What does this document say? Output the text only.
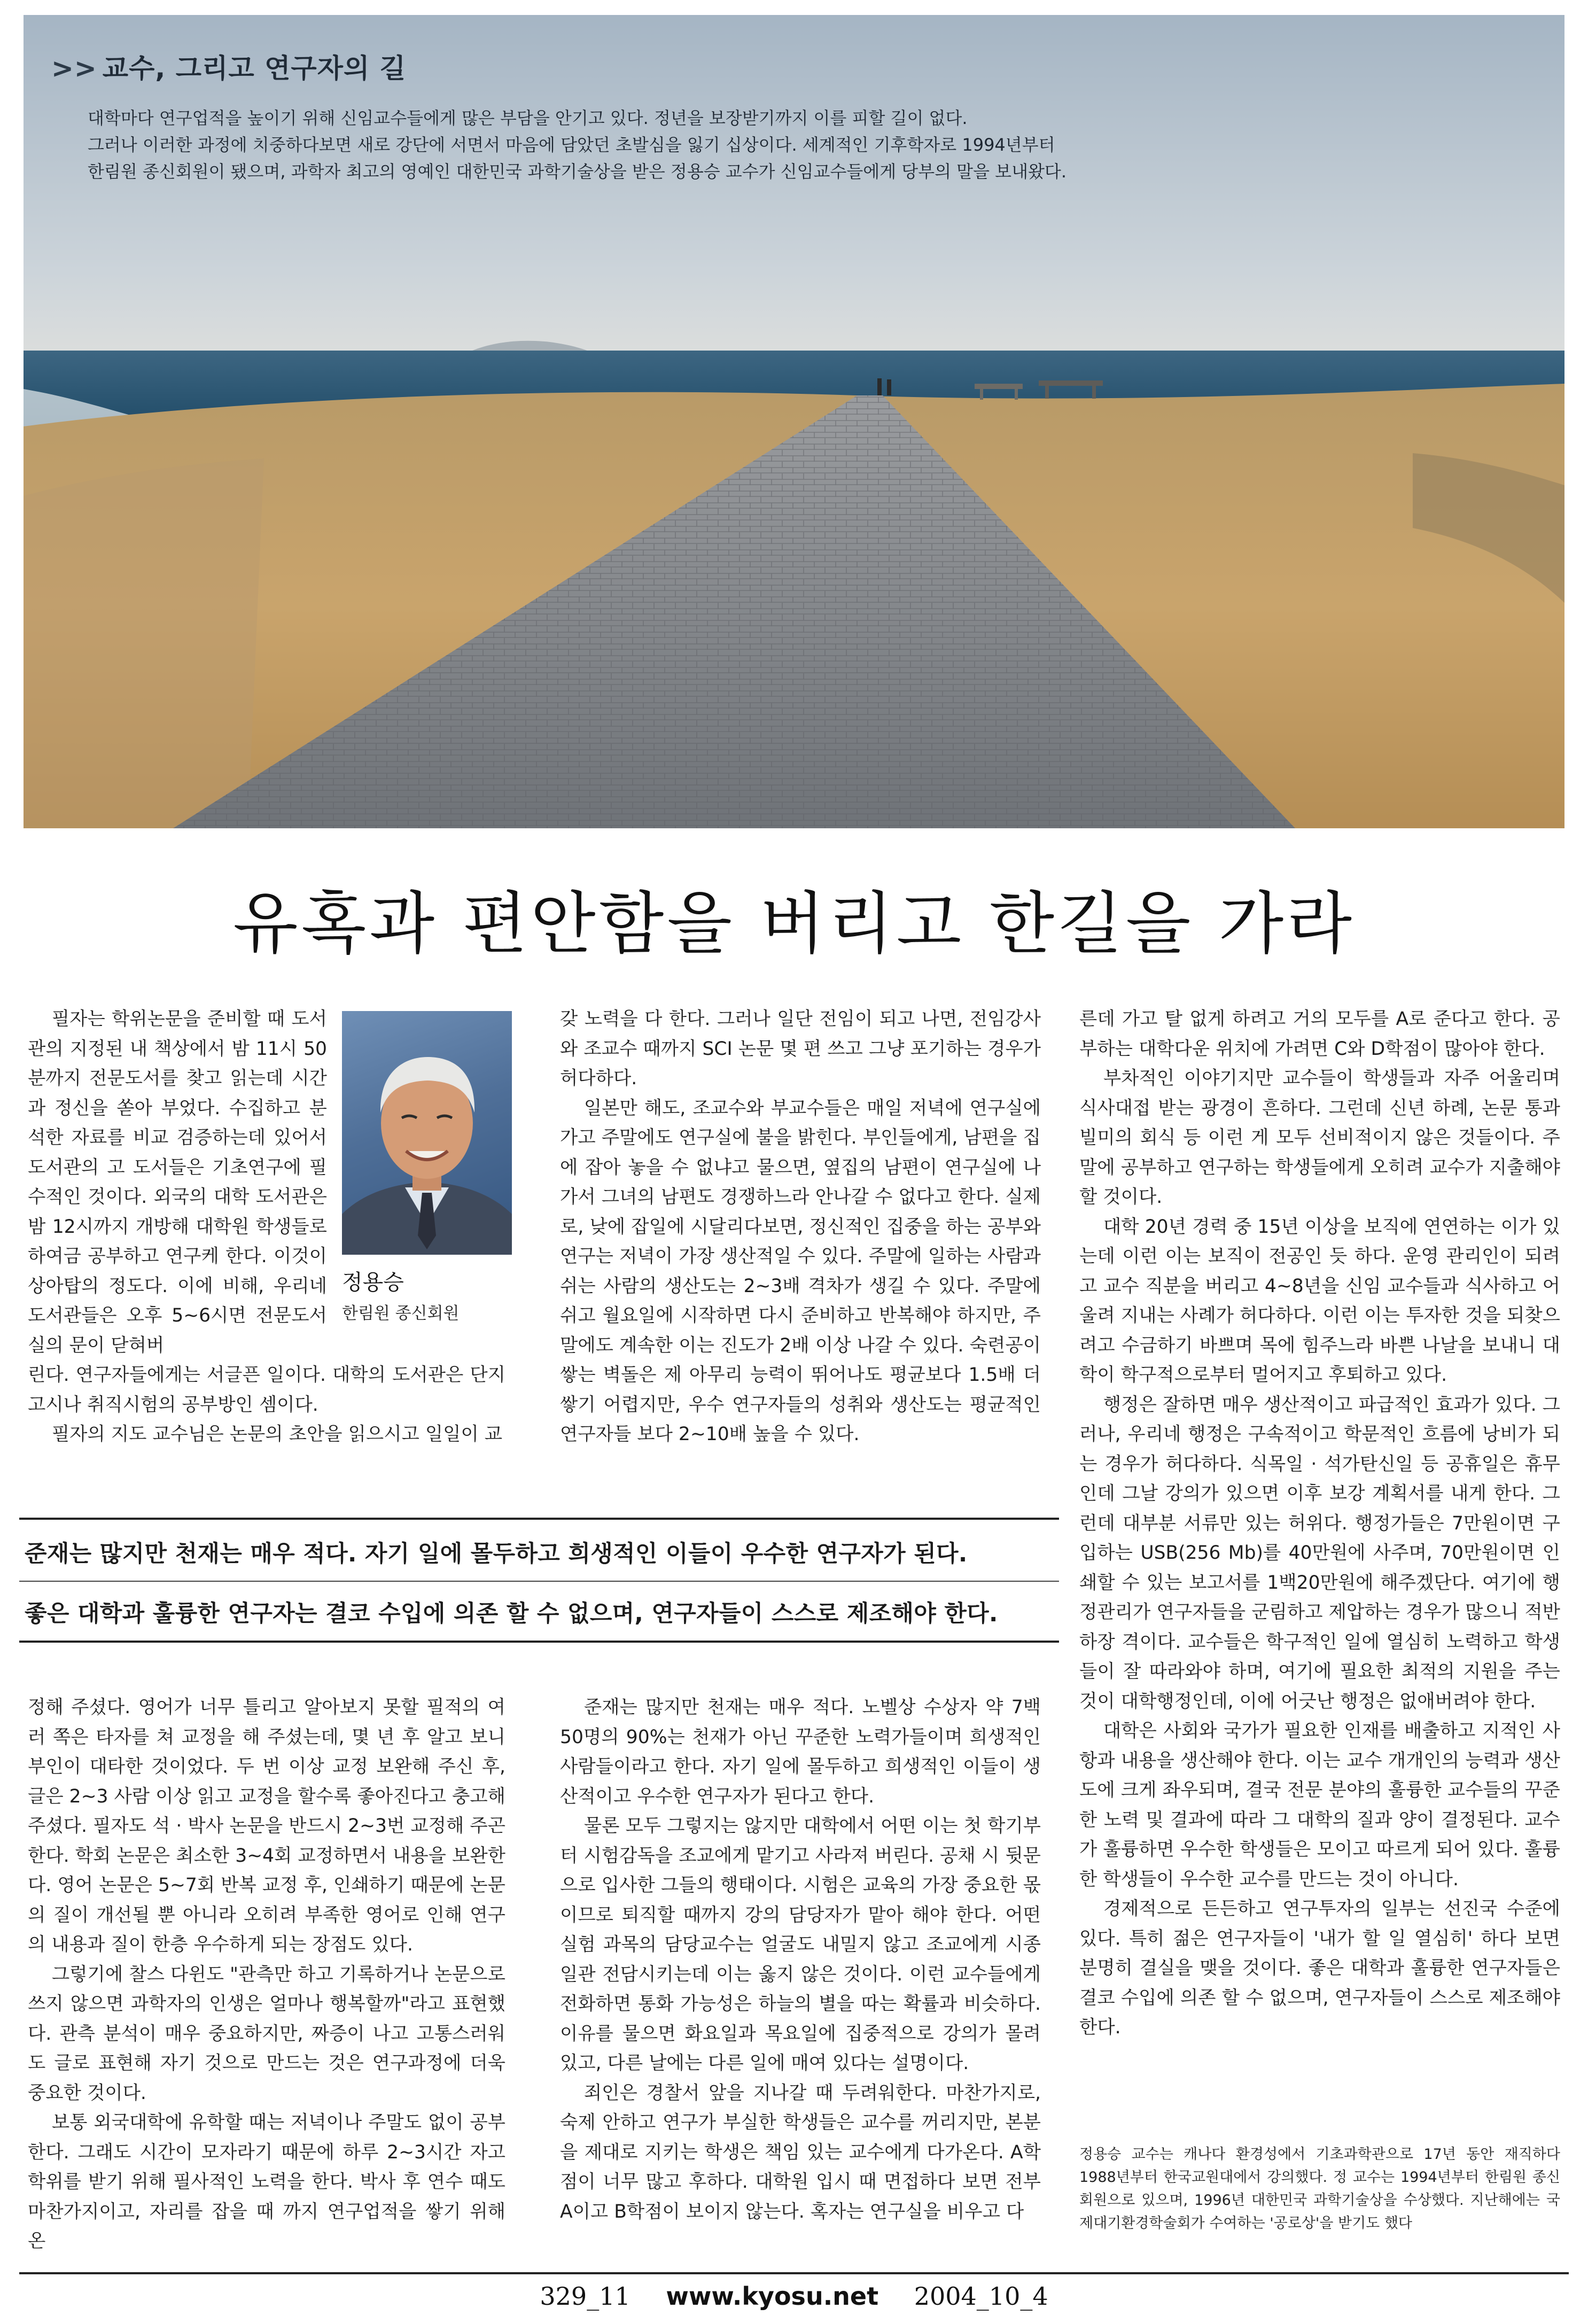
>> 교수, 그리고 연구자의 길

대학마다 연구업적을 높이기 위해 신임교수들에게 많은 부담을 안기고 있다. 정년을 보장받기까지 이를 피할 길이 없다.

그러나 이러한 과정에 치중하다보면 새로 강단에 서면서 마음에 담았던 초발심을 잃기 십상이다. 세계적인 기후학자로 1994년부터

한림원 종신회원이 됐으며, 과학자 최고의 영예인 대한민국 과학기술상을 받은 정용승 교수가 신임교수들에게 당부의 말을 보내왔다.

유혹과 편안함을 버리고 한길을 가라
정용승
한림원 종신회원

필자는 학위논문을 준비할 때 도서관의 지정된 내 책상에서 밤 11시 50분까지 전문도서를 찾고 읽는데 시간과 정신을 쏟아 부었다. 수집하고 분석한 자료를 비교 검증하는데 있어서 도서관의 고 도서들은 기초연구에 필수적인 것이다. 외국의 대학 도서관은 밤 12시까지 개방해 대학원 학생들로 하여금 공부하고 연구케 한다. 이것이 상아탑의 정도다. 이에 비해, 우리네 도서관들은 오후 5~6시면 전문도서실의 문이 닫혀버

린다. 연구자들에게는 서글픈 일이다. 대학의 도서관은 단지 고시나 취직시험의 공부방인 셈이다.

필자의 지도 교수님은 논문의 초안을 읽으시고 일일이 교

갖 노력을 다 한다. 그러나 일단 전임이 되고 나면, 전임강사와 조교수 때까지 SCI 논문 몇 편 쓰고 그냥 포기하는 경우가 허다하다.

일본만 해도, 조교수와 부교수들은 매일 저녁에 연구실에 가고 주말에도 연구실에 불을 밝힌다. 부인들에게, 남편을 집에 잡아 놓을 수 없냐고 물으면, 옆집의 남편이 연구실에 나가서 그녀의 남편도 경쟁하느라 안나갈 수 없다고 한다. 실제로, 낮에 잡일에 시달리다보면, 정신적인 집중을 하는 공부와 연구는 저녁이 가장 생산적일 수 있다. 주말에 일하는 사람과 쉬는 사람의 생산도는 2~3배 격차가 생길 수 있다. 주말에 쉬고 월요일에 시작하면 다시 준비하고 반복해야 하지만, 주말에도 계속한 이는 진도가 2배 이상 나갈 수 있다. 숙련공이 쌓는 벽돌은 제 아무리 능력이 뛰어나도 평균보다 1.5배 더 쌓기 어렵지만, 우수 연구자들의 성취와 생산도는 평균적인 연구자들 보다 2~10배 높을 수 있다.

른데 가고 탈 없게 하려고 거의 모두를 A로 준다고 한다. 공부하는 대학다운 위치에 가려면 C와 D학점이 많아야 한다.

부차적인 이야기지만 교수들이 학생들과 자주 어울리며 식사대접 받는 광경이 흔하다. 그런데 신년 하례, 논문 통과 빌미의 회식 등 이런 게 모두 선비적이지 않은 것들이다. 주말에 공부하고 연구하는 학생들에게 오히려 교수가 지출해야 할 것이다.

대학 20년 경력 중 15년 이상을 보직에 연연하는 이가 있는데 이런 이는 보직이 전공인 듯 하다. 운영 관리인이 되려고 교수 직분을 버리고 4~8년을 신임 교수들과 식사하고 어울려 지내는 사례가 허다하다. 이런 이는 투자한 것을 되찾으려고 수금하기 바쁘며 목에 힘주느라 바쁜 나날을 보내니 대학이 학구적으로부터 멀어지고 후퇴하고 있다.

행정은 잘하면 매우 생산적이고 파급적인 효과가 있다. 그러나, 우리네 행정은 구속적이고 학문적인 흐름에 낭비가 되는 경우가 허다하다. 식목일 · 석가탄신일 등 공휴일은 휴무인데 그날 강의가 있으면 이후 보강 계획서를 내게 한다. 그런데 대부분 서류만 있는 허위다. 행정가들은 7만원이면 구입하는 USB(256 Mb)를 40만원에 사주며, 70만원이면 인쇄할 수 있는 보고서를 1백20만원에 해주겠단다. 여기에 행정관리가 연구자들을 군림하고 제압하는 경우가 많으니 적반하장 격이다. 교수들은 학구적인 일에 열심히 노력하고 학생들이 잘 따라와야 하며, 여기에 필요한 최적의 지원을 주는 것이 대학행정인데, 이에 어긋난 행정은 없애버려야 한다.

대학은 사회와 국가가 필요한 인재를 배출하고 지적인 사항과 내용을 생산해야 한다. 이는 교수 개개인의 능력과 생산도에 크게 좌우되며, 결국 전문 분야의 훌륭한 교수들의 꾸준한 노력 및 결과에 따라 그 대학의 질과 양이 결정된다. 교수가 훌륭하면 우수한 학생들은 모이고 따르게 되어 있다. 훌륭한 학생들이 우수한 교수를 만드는 것이 아니다.

경제적으로 든든하고 연구투자의 일부는 선진국 수준에 있다. 특히 젊은 연구자들이 '내가 할 일 열심히' 하다 보면 분명히 결실을 맺을 것이다. 좋은 대학과 훌륭한 연구자들은 결코 수입에 의존 할 수 없으며, 연구자들이 스스로 제조해야 한다.

준재는 많지만 천재는 매우 적다. 자기 일에 몰두하고 희생적인 이들이 우수한 연구자가 된다.
좋은 대학과 훌륭한 연구자는 결코 수입에 의존 할 수 없으며, 연구자들이 스스로 제조해야 한다.

정해 주셨다. 영어가 너무 틀리고 알아보지 못할 필적의 여러 쪽은 타자를 쳐 교정을 해 주셨는데, 몇 년 후 알고 보니 부인이 대타한 것이었다. 두 번 이상 교정 보완해 주신 후, 글은 2~3 사람 이상 읽고 교정을 할수록 좋아진다고 충고해 주셨다. 필자도 석 · 박사 논문을 반드시 2~3번 교정해 주곤 한다. 학회 논문은 최소한 3~4회 교정하면서 내용을 보완한다. 영어 논문은 5~7회 반복 교정 후, 인쇄하기 때문에 논문의 질이 개선될 뿐 아니라 오히려 부족한 영어로 인해 연구의 내용과 질이 한층 우수하게 되는 장점도 있다.

그렇기에 찰스 다윈도 "관측만 하고 기록하거나 논문으로 쓰지 않으면 과학자의 인생은 얼마나 행복할까"라고 표현했다. 관측 분석이 매우 중요하지만, 짜증이 나고 고통스러워도 글로 표현해 자기 것으로 만드는 것은 연구과정에 더욱 중요한 것이다.

보통 외국대학에 유학할 때는 저녁이나 주말도 없이 공부한다. 그래도 시간이 모자라기 때문에 하루 2~3시간 자고 학위를 받기 위해 필사적인 노력을 한다. 박사 후 연수 때도 마찬가지이고, 자리를 잡을 때 까지 연구업적을 쌓기 위해 온

준재는 많지만 천재는 매우 적다. 노벨상 수상자 약 7백50명의 90%는 천재가 아닌 꾸준한 노력가들이며 희생적인 사람들이라고 한다. 자기 일에 몰두하고 희생적인 이들이 생산적이고 우수한 연구자가 된다고 한다.

물론 모두 그렇지는 않지만 대학에서 어떤 이는 첫 학기부터 시험감독을 조교에게 맡기고 사라져 버린다. 공채 시 뒷문으로 입사한 그들의 행태이다. 시험은 교육의 가장 중요한 몫이므로 퇴직할 때까지 강의 담당자가 맡아 해야 한다. 어떤 실험 과목의 담당교수는 얼굴도 내밀지 않고 조교에게 시종일관 전담시키는데 이는 옳지 않은 것이다. 이런 교수들에게 전화하면 통화 가능성은 하늘의 별을 따는 확률과 비슷하다. 이유를 물으면 화요일과 목요일에 집중적으로 강의가 몰려 있고, 다른 날에는 다른 일에 매여 있다는 설명이다.

죄인은 경찰서 앞을 지나갈 때 두려워한다. 마찬가지로, 숙제 안하고 연구가 부실한 학생들은 교수를 꺼리지만, 본분을 제대로 지키는 학생은 책임 있는 교수에게 다가온다. A학점이 너무 많고 후하다. 대학원 입시 때 면접하다 보면 전부 A이고 B학점이 보이지 않는다. 혹자는 연구실을 비우고 다

정용승 교수는 캐나다 환경성에서 기초과학관으로 17년 동안 재직하다 1988년부터 한국교원대에서 강의했다. 정 교수는 1994년부터 한림원 종신회원으로 있으며, 1996년 대한민국 과학기술상을 수상했다. 지난해에는 국제대기환경학술회가 수여하는 '공로상'을 받기도 했다
329_11 www.kyosu.net 2004_10_4
